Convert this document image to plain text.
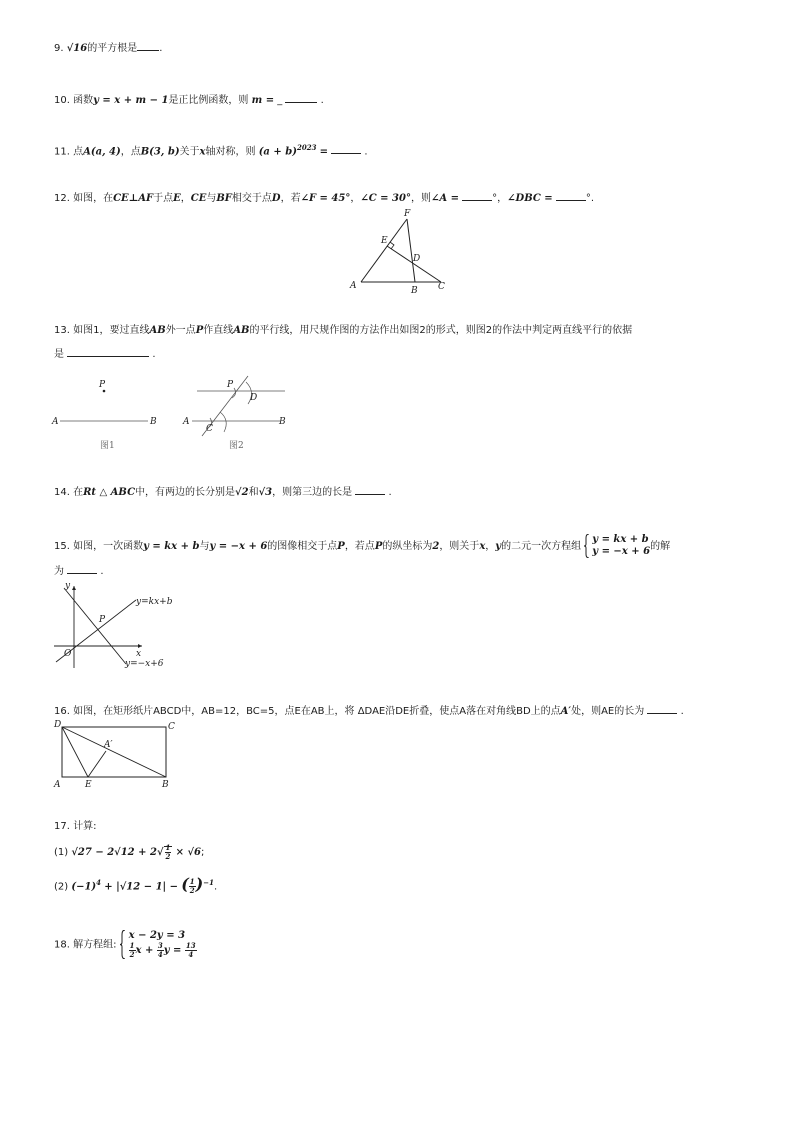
9. √16的平方根是 .
10. 函数y = x + m − 1是正比例函数，则 m = _	.
11. 点A(a, 4)，点B(3, b)关于x轴对称，则 $(a + b)^{2023}$ =	.
12. 如图，在CE⊥AF于点E，CE与BF相交于点D，若∠F = 45°，∠C = 30°，则∠A =	°，∠DBC =	°.
F
E
D
A	B C
13. 如图1，要过直线AB外一点P作直线AB的平行线，用尺规作图的方法作出如图2的形式，则图2的作法中判定两直线平行的依据
是	.
P
A	B
图1
P
D
A
C
B
图2
14. 在Rt △ ABC中，有两边的长分别是√2和√3，则第三边的长是	.
15. 如图，一次函数y = kx + b与y = −x + 6的图像相交于点P，若点P的纵坐标为2，则关于x，y的二元一次方程组
y = kx + b
y = −x + 6 的解
为	.
y
x
O
P
y=kx+b
y=−x+6
16. 如图，在矩形纸片ABCD中，AB=12，BC=5，点E在AB上，将 ΔDAE沿DE折叠，使点A落在对角线BD上的点A′处，则AE的长为	.
D	C
A′
A	E	B
17. 计算:
(1) $√27 - 2√12 + 2√ \frac{1}{2} \times √6$;
(2) $(-1)^4 + |√12 - 1|$ − ( $\frac{1}{2} )^{-1}$.
18. 解方程组:
x − 2y = 3
$\frac{1}{2}$ $x + \frac{3}{4}$ $y = \frac{13}{4}$
